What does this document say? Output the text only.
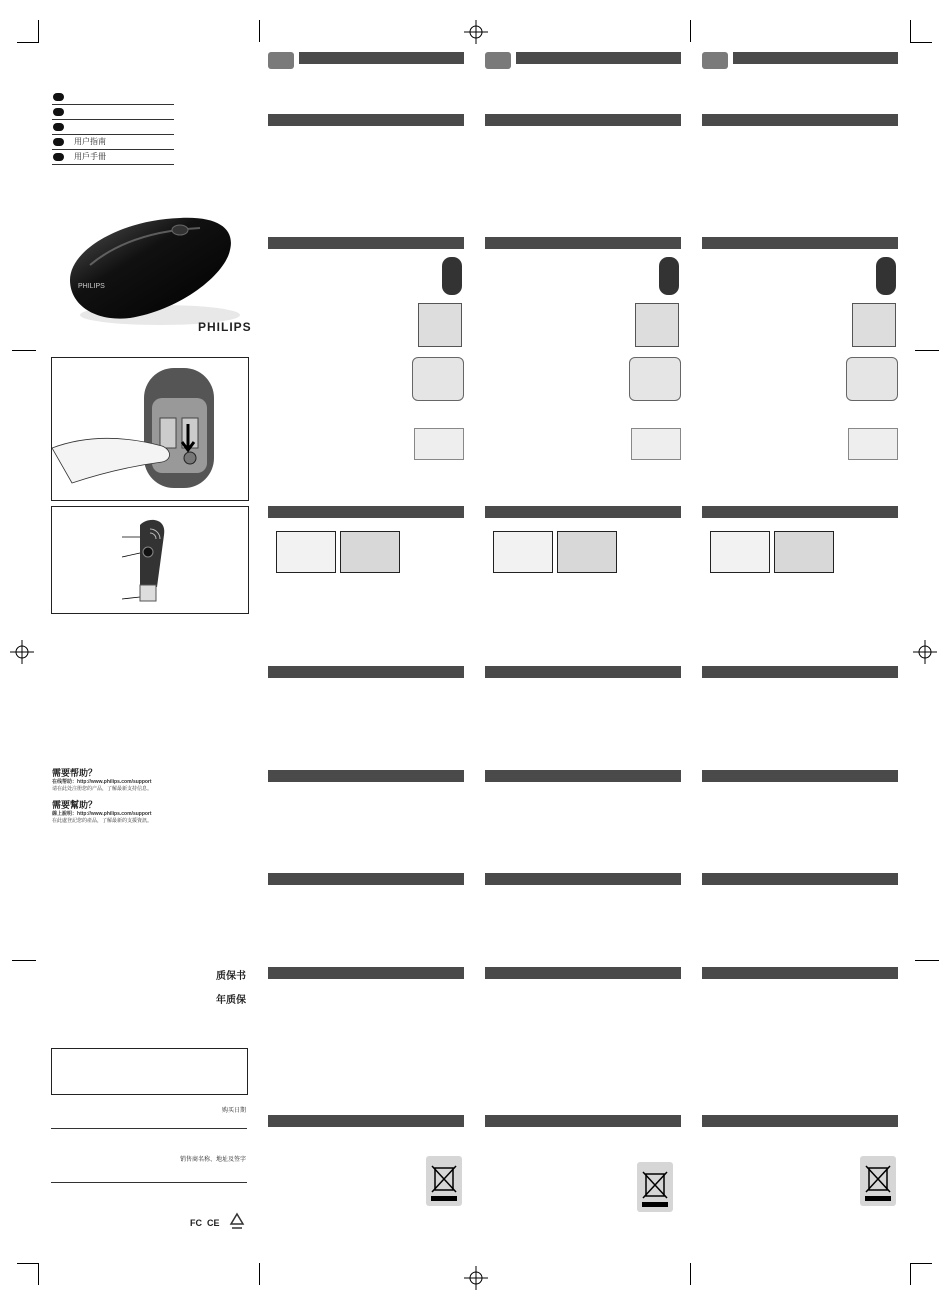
用户指南
用戶手冊
PHILIPS
PHILIPS
需要帮助？
在线帮助：http://www.philips.com/support
请在此处注册您的产品，了解最新支持信息。
需要幫助？
線上說明：http://www.philips.com/support
在此處登記您的產品，了解最新的支援資訊。
质保书
年质保
购买日期
销售商名称、地址及签字
FC CE
